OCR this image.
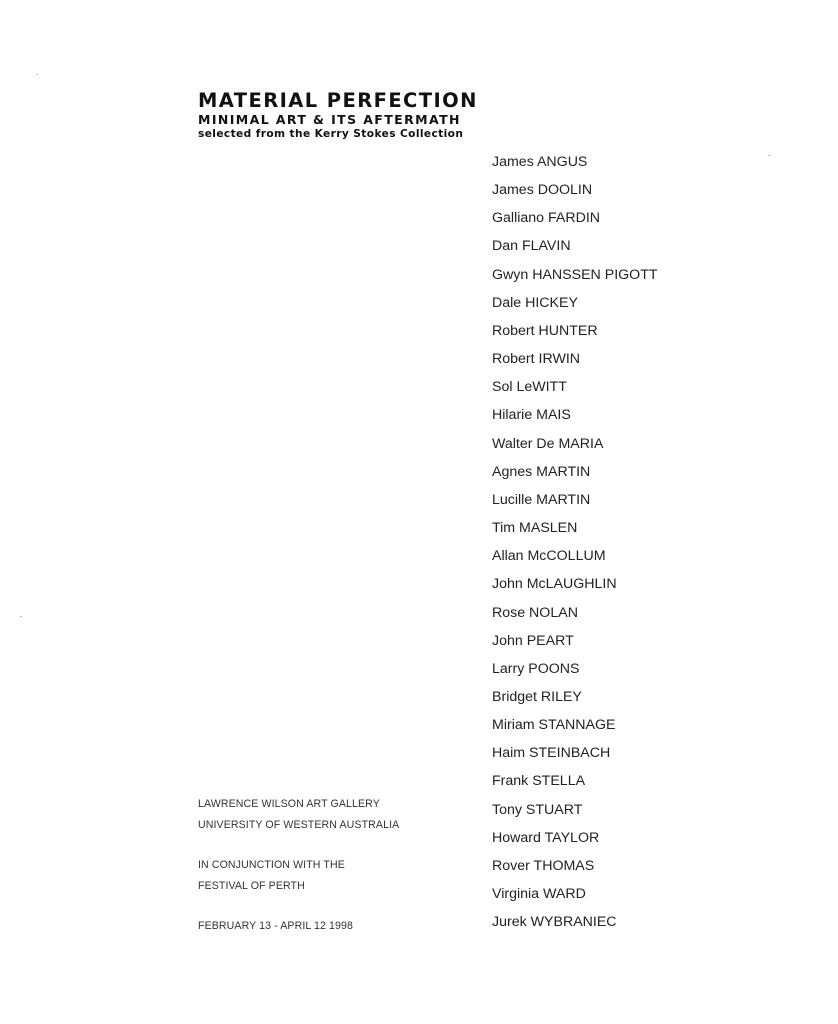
MATERIAL PERFECTION
MINIMAL ART & ITS AFTERMATH
selected from the Kerry Stokes Collection
James ANGUS
James DOOLIN
Galliano FARDIN
Dan FLAVIN
Gwyn HANSSEN PIGOTT
Dale HICKEY
Robert HUNTER
Robert IRWIN
Sol LeWITT
Hilarie MAIS
Walter De MARIA
Agnes MARTIN
Lucille MARTIN
Tim MASLEN
Allan McCOLLUM
John McLAUGHLIN
Rose NOLAN
John PEART
Larry POONS
Bridget RILEY
Miriam STANNAGE
Haim STEINBACH
Frank STELLA
Tony STUART
Howard TAYLOR
Rover THOMAS
Virginia WARD
Jurek WYBRANIEC
LAWRENCE WILSON ART GALLERY
UNIVERSITY OF WESTERN AUSTRALIA
IN CONJUNCTION WITH THE
FESTIVAL OF PERTH
FEBRUARY 13 - APRIL 12 1998
